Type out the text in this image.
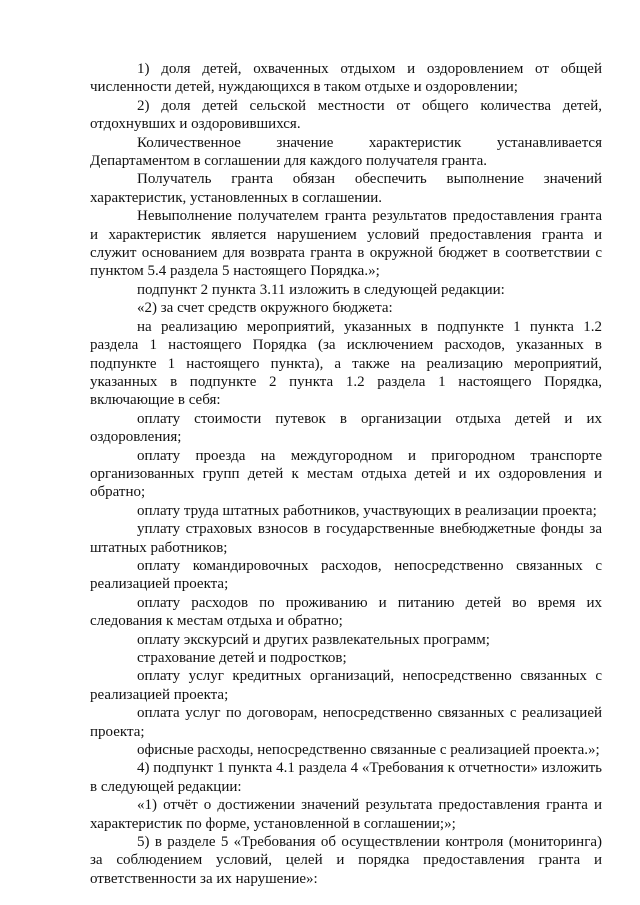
1) доля детей, охваченных отдыхом и оздоровлением от общей численности детей, нуждающихся в таком отдыхе и оздоровлении;

2) доля детей сельской местности от общего количества детей, отдохнувших и оздоровившихся.

Количественное значение характеристик устанавливается Департаментом в соглашении для каждого получателя гранта.

Получатель гранта обязан обеспечить выполнение значений характеристик, установленных в соглашении.

Невыполнение получателем гранта результатов предоставления гранта и характеристик является нарушением условий предоставления гранта и служит основанием для возврата гранта в окружной бюджет в соответствии с пунктом 5.4 раздела 5 настоящего Порядка.»;

подпункт 2 пункта 3.11 изложить в следующей редакции:

«2) за счет средств окружного бюджета:

на реализацию мероприятий, указанных в подпункте 1 пункта 1.2 раздела 1 настоящего Порядка (за исключением расходов, указанных в подпункте 1 настоящего пункта), а также на реализацию мероприятий, указанных в подпункте 2 пункта 1.2 раздела 1 настоящего Порядка, включающие в себя:

оплату стоимости путевок в организации отдыха детей и их оздоровления;

оплату проезда на междугородном и пригородном транспорте организованных групп детей к местам отдыха детей и их оздоровления и обратно;

оплату труда штатных работников, участвующих в реализации проекта;

уплату страховых взносов в государственные внебюджетные фонды за штатных работников;

оплату командировочных расходов, непосредственно связанных с реализацией проекта;

оплату расходов по проживанию и питанию детей во время их следования к местам отдыха и обратно;

оплату экскурсий и других развлекательных программ;

страхование детей и подростков;

оплату услуг кредитных организаций, непосредственно связанных с реализацией проекта;

оплата услуг по договорам, непосредственно связанных с реализацией проекта;

офисные расходы, непосредственно связанные с реализацией проекта.»;

4) подпункт 1 пункта 4.1 раздела 4 «Требования к отчетности» изложить в следующей редакции:

«1) отчёт о достижении значений результата предоставления гранта и характеристик по форме, установленной в соглашении;»;

5) в разделе 5 «Требования об осуществлении контроля (мониторинга) за соблюдением условий, целей и порядка предоставления гранта и ответственности за их нарушение»:
